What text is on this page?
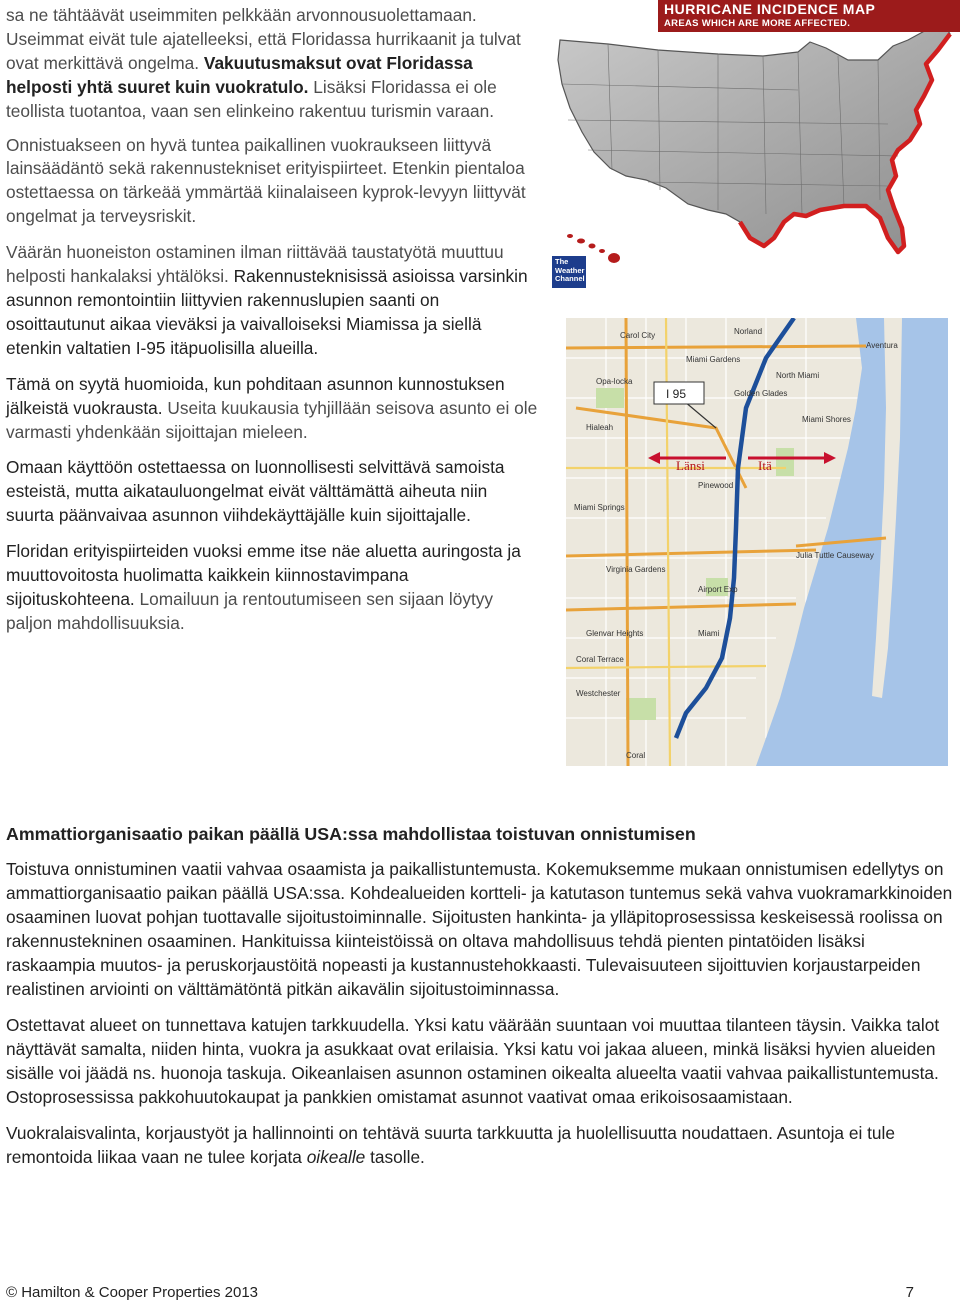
sa ne tähtäävät useimmiten pelkkään arvonnousuolettamaan. Useimmat eivät tule ajatelleeksi, että Floridassa hurrikaanit ja tulvat ovat merkittävä ongelma. Vakuutusmaksut ovat Floridassa helposti yhtä suuret kuin vuokratulo. Lisäksi Floridassa ei ole teollista tuotantoa, vaan sen elinkeino rakentuu turismin varaan.

Onnistuakseen on hyvä tuntea paikallinen vuokraukseen liittyvä lainsäädäntö sekä rakennustekniset erityispiirteet. Etenkin pientaloa ostettaessa on tärkeää ymmärtää kiinalaiseen kyprok-levyyn liittyvät ongelmat ja terveysriskit.

Väärän huoneiston ostaminen ilman riittävää taustatyötä muuttuu helposti hankalaksi yhtälöksi. Rakennusteknisissä asioissa varsinkin asunnon remontointiin liittyvien rakennuslupien saanti on osoittautunut aikaa vieväksi ja vaivalloiseksi Miamissa ja siellä etenkin valtatien I-95 itäpuolisilla alueilla.

Tämä on syytä huomioida, kun pohditaan asunnon kunnostuksen jälkeistä vuokrausta. Useita kuukausia tyhjillään seisova asunto ei ole varmasti yhdenkään sijoittajan mieleen.

Omaan käyttöön ostettaessa on luonnollisesti selvittävä samoista esteistä, mutta aikatauluongelmat eivät välttämättä aiheuta niin suurta päänvaivaa asunnon viihdekäyttäjälle kuin sijoittajalle.

Floridan erityispiirteiden vuoksi emme itse näe aluetta auringosta ja muuttovoitosta huolimatta kaikkein kiinnostavimpana sijoituskohteena. Lomailuun ja rentoutumiseen sen sijaan löytyy paljon mahdollisuuksia.

HURRICANE INCIDENCE MAP
AREAS WHICH ARE MORE AFFECTED.
The Weather Channel
I 95
Länsi	Itä
Carol City	Norland
Miami Gardens
Opa-locka
North Miami
Golden Glades
Hialeah
Pinewood
Miami Springs
Virginia Gardens
Glenvar Heights
Westchester
Coral
Miami
Coral Terrace
Miami Shores
Aventura
Airport Exp
Julia Tuttle Causeway
Ammattiorganisaatio paikan päällä USA:ssa mahdollistaa toistuvan onnistumisen

Toistuva onnistuminen vaatii vahvaa osaamista ja paikallistuntemusta. Kokemuksemme mukaan onnistumisen edellytys on ammattiorganisaatio paikan päällä USA:ssa. Kohdealueiden kortteli- ja katutason tuntemus sekä vahva vuokramarkkinoiden osaaminen luovat pohjan tuottavalle sijoitustoiminnalle. Sijoitusten hankinta- ja ylläpitoprosessissa keskeisessä roolissa on rakennustekninen osaaminen. Hankituissa kiinteistöissä on oltava mahdollisuus tehdä pienten pintatöiden lisäksi raskaampia muutos- ja peruskorjaustöitä nopeasti ja kustannustehokkaasti. Tulevaisuuteen sijoittuvien korjaustarpeiden realistinen arviointi on välttämätöntä pitkän aikavälin sijoitustoiminnassa.

Ostettavat alueet on tunnettava katujen tarkkuudella. Yksi katu väärään suuntaan voi muuttaa tilanteen täysin. Vaikka talot näyttävät samalta, niiden hinta, vuokra ja asukkaat ovat erilaisia. Yksi katu voi jakaa alueen, minkä lisäksi hyvien alueiden sisälle voi jäädä ns. huonoja taskuja. Oikeanlaisen asunnon ostaminen oikealta alueelta vaatii vahvaa paikallistuntemusta. Ostoprosessissa pakkohuutokaupat ja pankkien omistamat asunnot vaativat omaa erikoisosaamistaan.

Vuokralaisvalinta, korjaustyöt ja hallinnointi on tehtävä suurta tarkkuutta ja huolellisuutta noudattaen. Asuntoja ei tule remontoida liikaa vaan ne tulee korjata oikealle tasolle.

© Hamilton & Cooper Properties 2013	7
